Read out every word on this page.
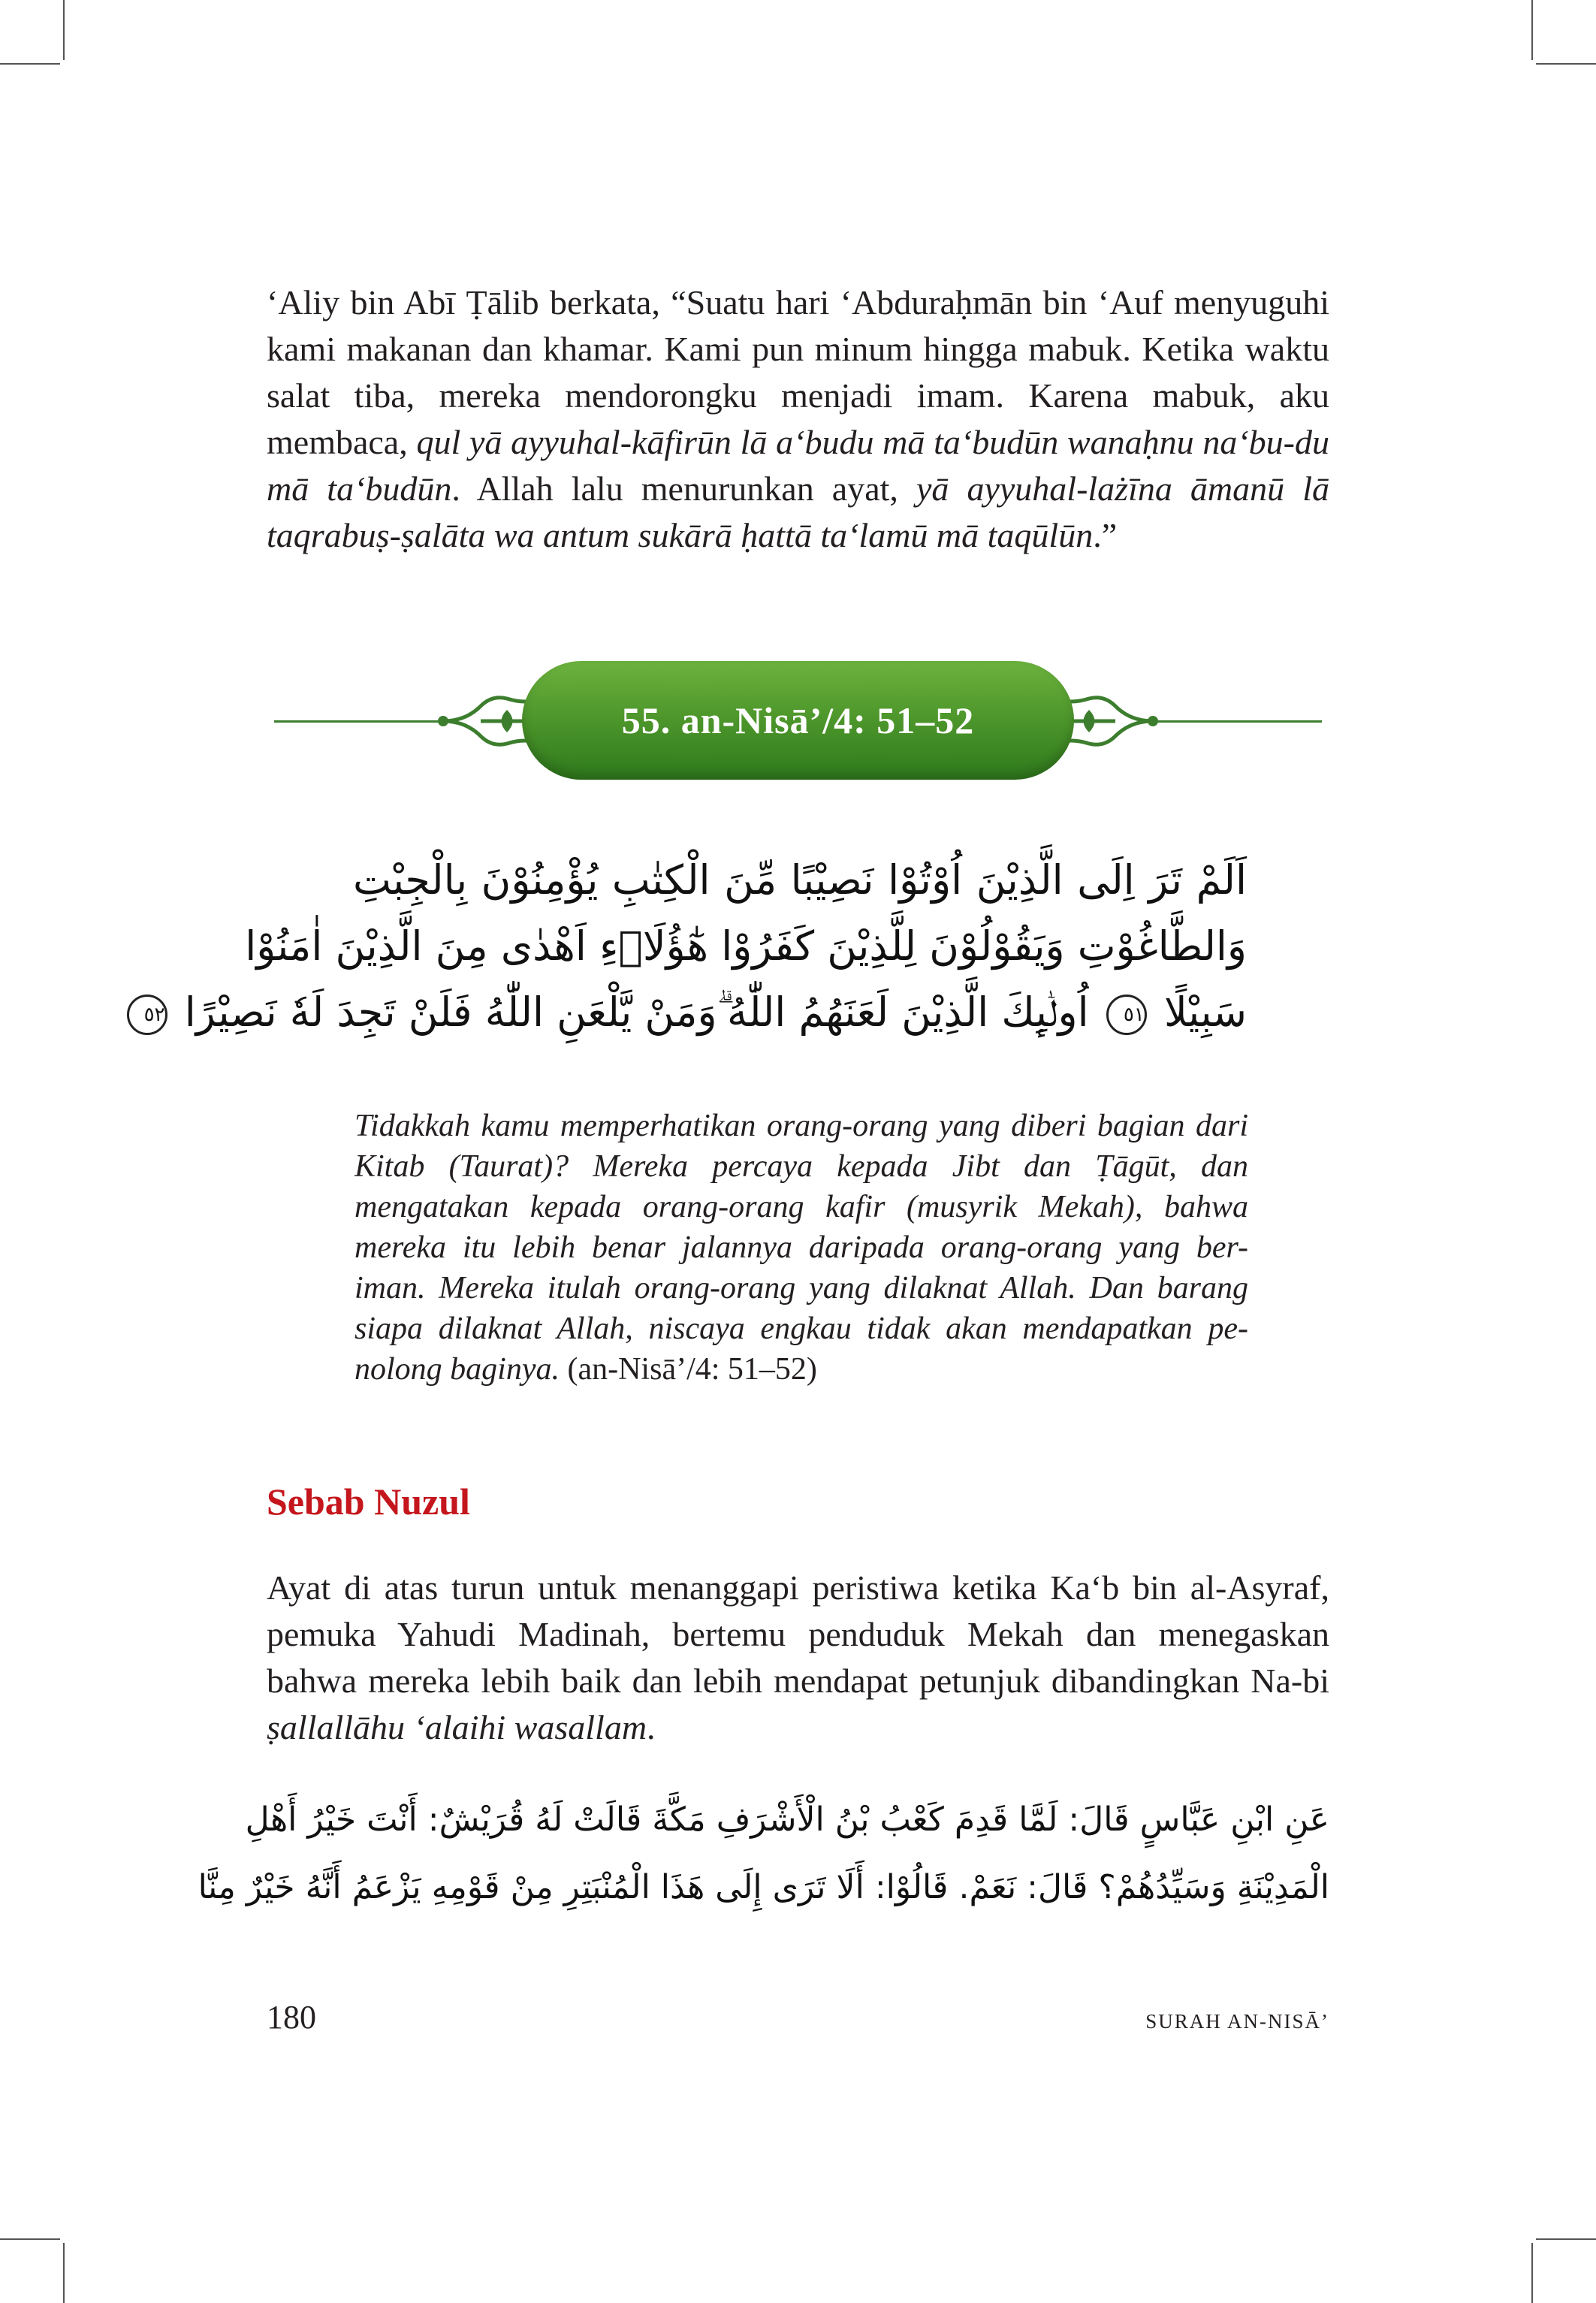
ʻAliy bin Abī Ṭālib berkata, “Suatu hari ʻAbduraḥmān bin ʻAuf menyuguhi kami makanan dan khamar. Kami pun minum hingga mabuk. Ketika waktu salat tiba, mereka mendorongku menjadi imam. Karena mabuk, aku membaca, qul yā ayyuhal-kāfirūn lā aʻbudu mā taʻbudūn wanaḥnu naʻbu-du mā taʻbudūn. Allah lalu menurunkan ayat, yā ayyuhal-lażīna āmanū lā taqrabuṣ-ṣalāta wa antum sukārā ḥattā taʻlamū mā taqūlūn.”

55. an-Nisā’/4: 51–52
اَلَمْ تَرَ اِلَى الَّذِيْنَ اُوْتُوْا نَصِيْبًا مِّنَ الْكِتٰبِ يُؤْمِنُوْنَ بِالْجِبْتِ
وَالطَّاغُوْتِ وَيَقُوْلُوْنَ لِلَّذِيْنَ كَفَرُوْا هٰٓؤُلَاۤءِ اَهْدٰى مِنَ الَّذِيْنَ اٰمَنُوْا
سَبِيْلًا ٥١ اُولٰۤىِٕكَ الَّذِيْنَ لَعَنَهُمُ اللّٰهُ ۗوَمَنْ يَّلْعَنِ اللّٰهُ فَلَنْ تَجِدَ لَهٗ نَصِيْرًا ٥٢

Tidakkah kamu memperhatikan orang-orang yang diberi bagian dari Kitab (Taurat)? Mereka percaya kepada Jibt dan Ṭāgūt, dan mengatakan kepada orang-orang kafir (musyrik Mekah), bahwa mereka itu lebih benar jalannya daripada orang-orang yang ber-iman. Mereka itulah orang-orang yang dilaknat Allah. Dan barang siapa dilaknat Allah, niscaya engkau tidak akan mendapatkan pe-nolong baginya. (an-Nisā’/4: 51–52)

Sebab Nuzul

Ayat di atas turun untuk menanggapi peristiwa ketika Kaʻb bin al-Asyraf, pemuka Yahudi Madinah, bertemu penduduk Mekah dan menegaskan bahwa mereka lebih baik dan lebih mendapat petunjuk dibandingkan Na-bi ṣallallāhu ‘alaihi wasallam.

عَنِ ابْنِ عَبَّاسٍ قَالَ: لَمَّا قَدِمَ كَعْبُ بْنُ الْأَشْرَفِ مَكَّةَ قَالَتْ لَهُ قُرَيْشٌ: أَنْتَ خَيْرُ أَهْلِ
الْمَدِيْنَةِ وَسَيِّدُهُمْ؟ قَالَ: نَعَمْ. قَالُوْا: أَلَا تَرَى إِلَى هَذَا الْمُنْبَتِرِ مِنْ قَوْمِهِ يَزْعَمُ أَنَّهُ خَيْرٌ مِنَّا
180	SURAH AN-NISĀ’
